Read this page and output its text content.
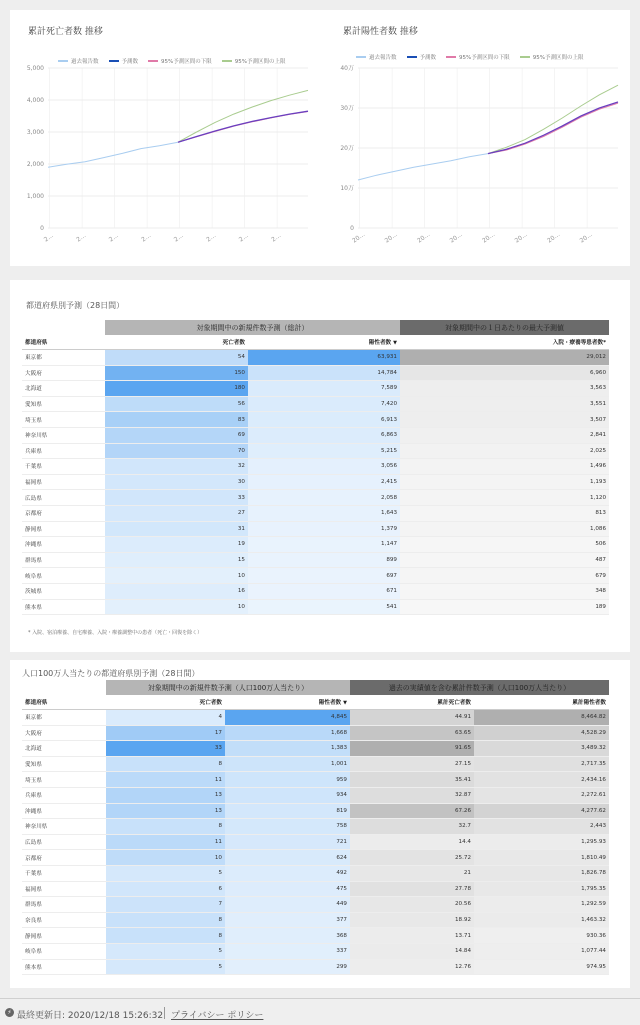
累計死亡者数 推移
過去報告数	予測数	95%予測区間の下限	95%予測区間の上限
5,000
4,000
3,000
2,000
1,000
0
2…	2…	2…	2…	2…	2…	2…	2…
累計陽性者数 推移
過去報告数	予測数	95%予測区間の下限	95%予測区間の上限
40万
30万
20万
10万
0
20…	20…	20…	20…	20…	20…	20…	20…
都道府県別予測（28日間）
	対象期間中の新規件数予測（総計）		対象期間中の１日あたりの最大予測値
都道府県	死亡者数	陽性者数 ▼	入院・療養等患者数*
東京都	54	63,931	29,012
大阪府	150	14,784	6,960
北海道	180	7,589	3,563
愛知県	56	7,420	3,551
埼玉県	83	6,913	3,507
神奈川県	69	6,863	2,841
兵庫県	70	5,215	2,025
千葉県	32	3,056	1,496
福岡県	30	2,415	1,193
広島県	33	2,058	1,120
京都府	27	1,643	813
静岡県	31	1,379	1,086
沖縄県	19	1,147	506
群馬県	15	899	487
岐阜県	10	697	679
茨城県	16	671	348
熊本県	10	541	189
* 入院、宿泊療養、自宅療養、入院・療養調整中の患者（死亡・回復を除く）
人口100万人当たりの都道府県別予測（28日間）
	対象期間中の新規件数予測（人口100万人当たり）		過去の実績値を含む累計件数予測（人口100万人当たり）	
都道府県	死亡者数	陽性者数 ▼	累計死亡者数	累計陽性者数
東京都	4	4,845	44.91	8,464.82
大阪府	17	1,668	63.65	4,528.29
北海道	33	1,383	91.65	3,489.32
愛知県	8	1,001	27.15	2,717.35
埼玉県	11	959	35.41	2,434.16
兵庫県	13	934	32.87	2,272.61
沖縄県	13	819	67.26	4,277.62
神奈川県	8	758	32.7	2,443
広島県	11	721	14.4	1,295.93
京都府	10	624	25.72	1,810.49
千葉県	5	492	21	1,826.78
福岡県	6	475	27.78	1,795.35
群馬県	7	449	20.56	1,292.59
奈良県	8	377	18.92	1,463.32
静岡県	8	368	13.71	930.36
岐阜県	5	337	14.84	1,077.44
熊本県	5	299	12.76	974.95
⚡ 最終更新日: 2020/12/18 15:26:32 プライバシー ポリシー
